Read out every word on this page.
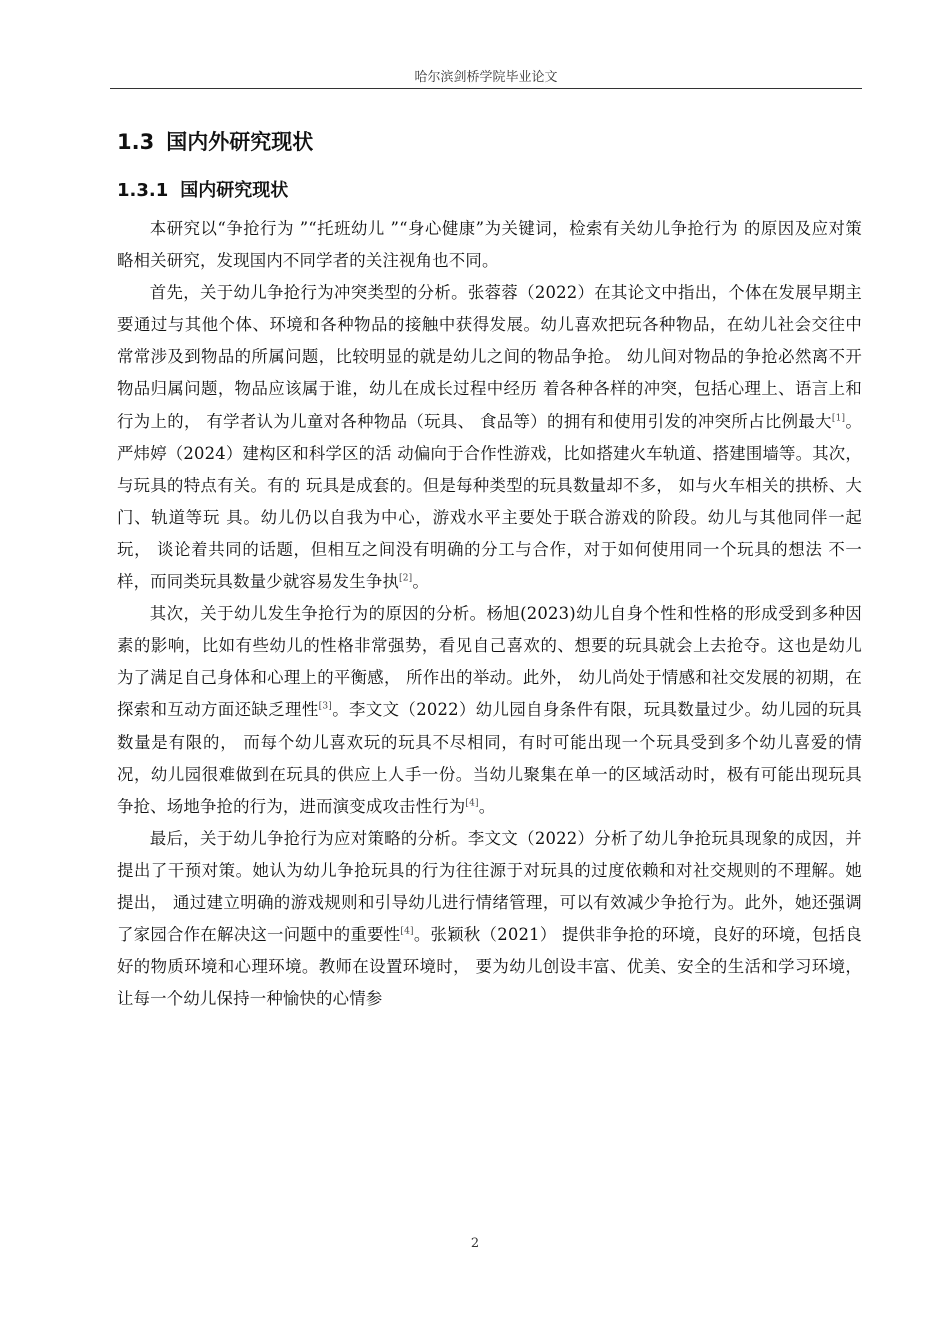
哈尔滨剑桥学院毕业论文
1.3 国内外研究现状
1.3.1 国内研究现状

本研究以“争抢行为 ”“托班幼儿 ”“身心健康”为关键词，检索有关幼儿争抢行为 的原因及应对策略相关研究，发现国内不同学者的关注视角也不同。

首先，关于幼儿争抢行为冲突类型的分析。张蓉蓉（2022）在其论文中指出，个体在发展早期主要通过与其他个体、环境和各种物品的接触中获得发展。幼儿喜欢把玩各种物品，在幼儿社会交往中常常涉及到物品的所属问题，比较明显的就是幼儿之间的物品争抢。 幼儿间对物品的争抢必然离不开物品归属问题，物品应该属于谁，幼儿在成长过程中经历 着各种各样的冲突，包括心理上、语言上和行为上的， 有学者认为儿童对各种物品（玩具、 食品等）的拥有和使用引发的冲突所占比例最大[1]。严炜婷（2024）建构区和科学区的活 动偏向于合作性游戏，比如搭建火车轨道、搭建围墙等。其次， 与玩具的特点有关。有的 玩具是成套的。但是每种类型的玩具数量却不多， 如与火车相关的拱桥、大门、轨道等玩 具。幼儿仍以自我为中心，游戏水平主要处于联合游戏的阶段。幼儿与其他同伴一起玩， 谈论着共同的话题，但相互之间没有明确的分工与合作，对于如何使用同一个玩具的想法 不一样，而同类玩具数量少就容易发生争执[2]。

其次，关于幼儿发生争抢行为的原因的分析。杨旭(2023)幼儿自身个性和性格的形成受到多种因素的影响，比如有些幼儿的性格非常强势，看见自己喜欢的、想要的玩具就会上去抢夺。这也是幼儿为了满足自己身体和心理上的平衡感， 所作出的举动。此外， 幼儿尚处于情感和社交发展的初期，在探索和互动方面还缺乏理性[3]。李文文（2022）幼儿园自身条件有限，玩具数量过少。幼儿园的玩具数量是有限的， 而每个幼儿喜欢玩的玩具不尽相同，有时可能出现一个玩具受到多个幼儿喜爱的情况，幼儿园很难做到在玩具的供应上人手一份。当幼儿聚集在单一的区域活动时，极有可能出现玩具争抢、场地争抢的行为，进而演变成攻击性行为[4]。

最后，关于幼儿争抢行为应对策略的分析。李文文（2022）分析了幼儿争抢玩具现象的成因，并提出了干预对策。她认为幼儿争抢玩具的行为往往源于对玩具的过度依赖和对社交规则的不理解。她提出， 通过建立明确的游戏规则和引导幼儿进行情绪管理，可以有效减少争抢行为。此外，她还强调了家园合作在解决这一问题中的重要性[4]。张颖秋（2021） 提供非争抢的环境，良好的环境，包括良好的物质环境和心理环境。教师在设置环境时， 要为幼儿创设丰富、优美、安全的生活和学习环境， 让每一个幼儿保持一种愉快的心情参

2
